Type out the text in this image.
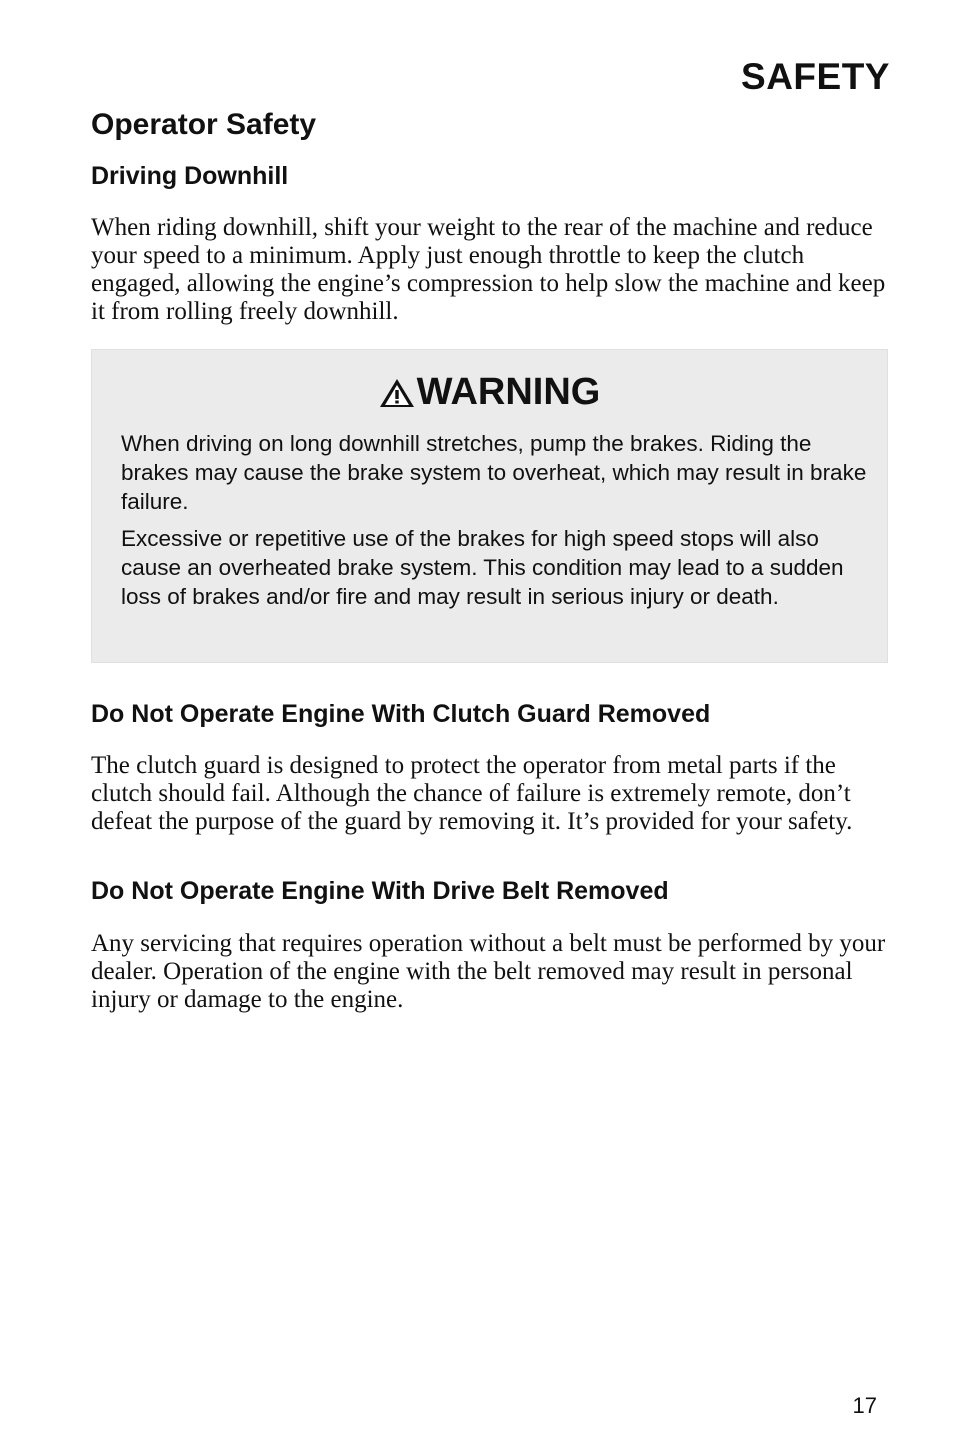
SAFETY
Operator Safety
Driving Downhill

When riding downhill, shift your weight to the rear of the machine and reduce your speed to a minimum. Apply just enough throttle to keep the clutch engaged, allowing the engine’s compression to help slow the machine and keep it from rolling freely downhill.

WARNING

When driving on long downhill stretches, pump the brakes. Riding the brakes may cause the brake system to overheat, which may result in brake failure.

Excessive or repetitive use of the brakes for high speed stops will also cause an overheated brake system. This condition may lead to a sudden loss of brakes and/or fire and may result in serious injury or death.

Do Not Operate Engine With Clutch Guard Removed

The clutch guard is designed to protect the operator from metal parts if the clutch should fail. Although the chance of failure is extremely remote, don’t defeat the purpose of the guard by removing it. It’s provided for your safety.

Do Not Operate Engine With Drive Belt Removed

Any servicing that requires operation without a belt must be performed by your dealer. Operation of the engine with the belt removed may result in personal injury or damage to the engine.

17
